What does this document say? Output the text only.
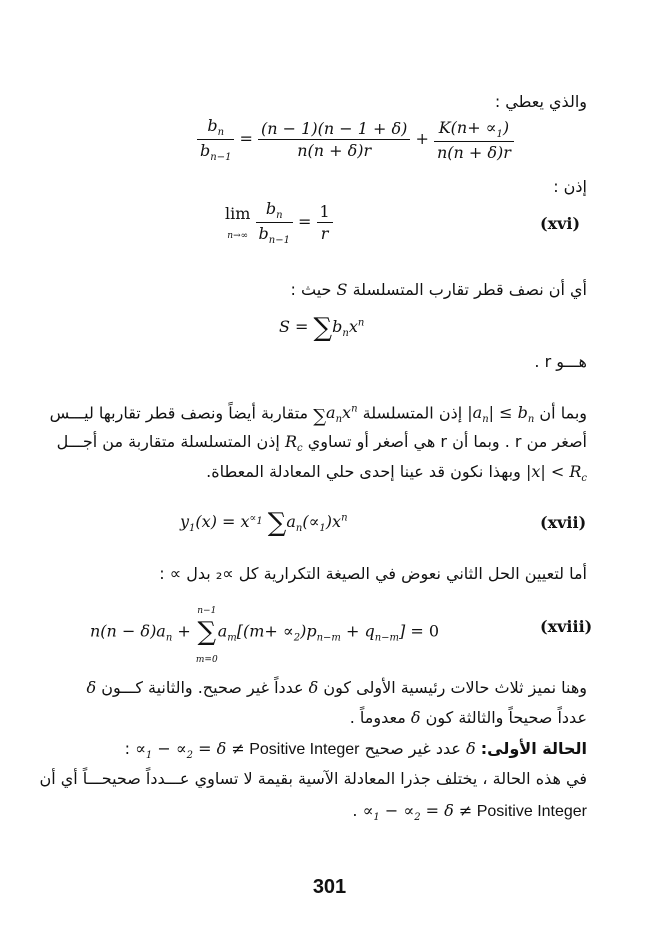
والذي يعطي :
$\frac{b_n}{b_{n-1}} = \frac{(n - 1)(n - 1 + \delta)}{n(n + \delta)r} + \frac{K(n+ \propto_1)}{n(n + \delta)r}$
إذن :
lim
$n\to\infty \frac{b_n}{b_{n-1}} = \frac{1}{r}$	(xvi)
أي أن نصف قطر تقارب المتسلسلة S حيث :
$S = \sum b_nx^n$
هـــو r .
وبما أن $|a_n| \le b_n$ إذن المتسلسلة $\sum a_nx^n$ متقاربة أيضاً ونصف قطر تقاربها ليـــس
أصغر من r . وبما أن r هي أصغر أو تساوي $R_c$ إذن المتسلسلة متقاربة من أجـــل
$|x| < R_c$ وبهذا نكون قد عينا إحدى حلي المعادلة المعطاة.
$y_1(x) = x^{\propto_1}$ $\sum a_n(\propto_1)x^n$	(xvii)
أما لتعيين الحل الثاني نعوض في الصيغة التكرارية كل ∝₂ بدل ∝ :
$n(n - \delta)a_n + n-1$
∑
$m=0a_m[(m+ \propto_2)p_{n-m} + q_{n-m}] = 0$	(xviii)
وهنا نميز ثلاث حالات رئيسية الأولى كون δ عدداً غير صحيح. والثانية كـــون δ
عدداً صحيحاً والثالثة كون δ معدوماً .
الحالة الأولى: δ عدد غير صحيح $\propto_1 - \propto_2 = \delta$ ≠ Positive Integer :
في هذه الحالة ، يختلف جذرا المعادلة الآسية بقيمة لا تساوي عـــدداً صحيحـــاً أي أن
$\propto_1 - \propto_2 = \delta$ ≠ Positive Integer .
301
